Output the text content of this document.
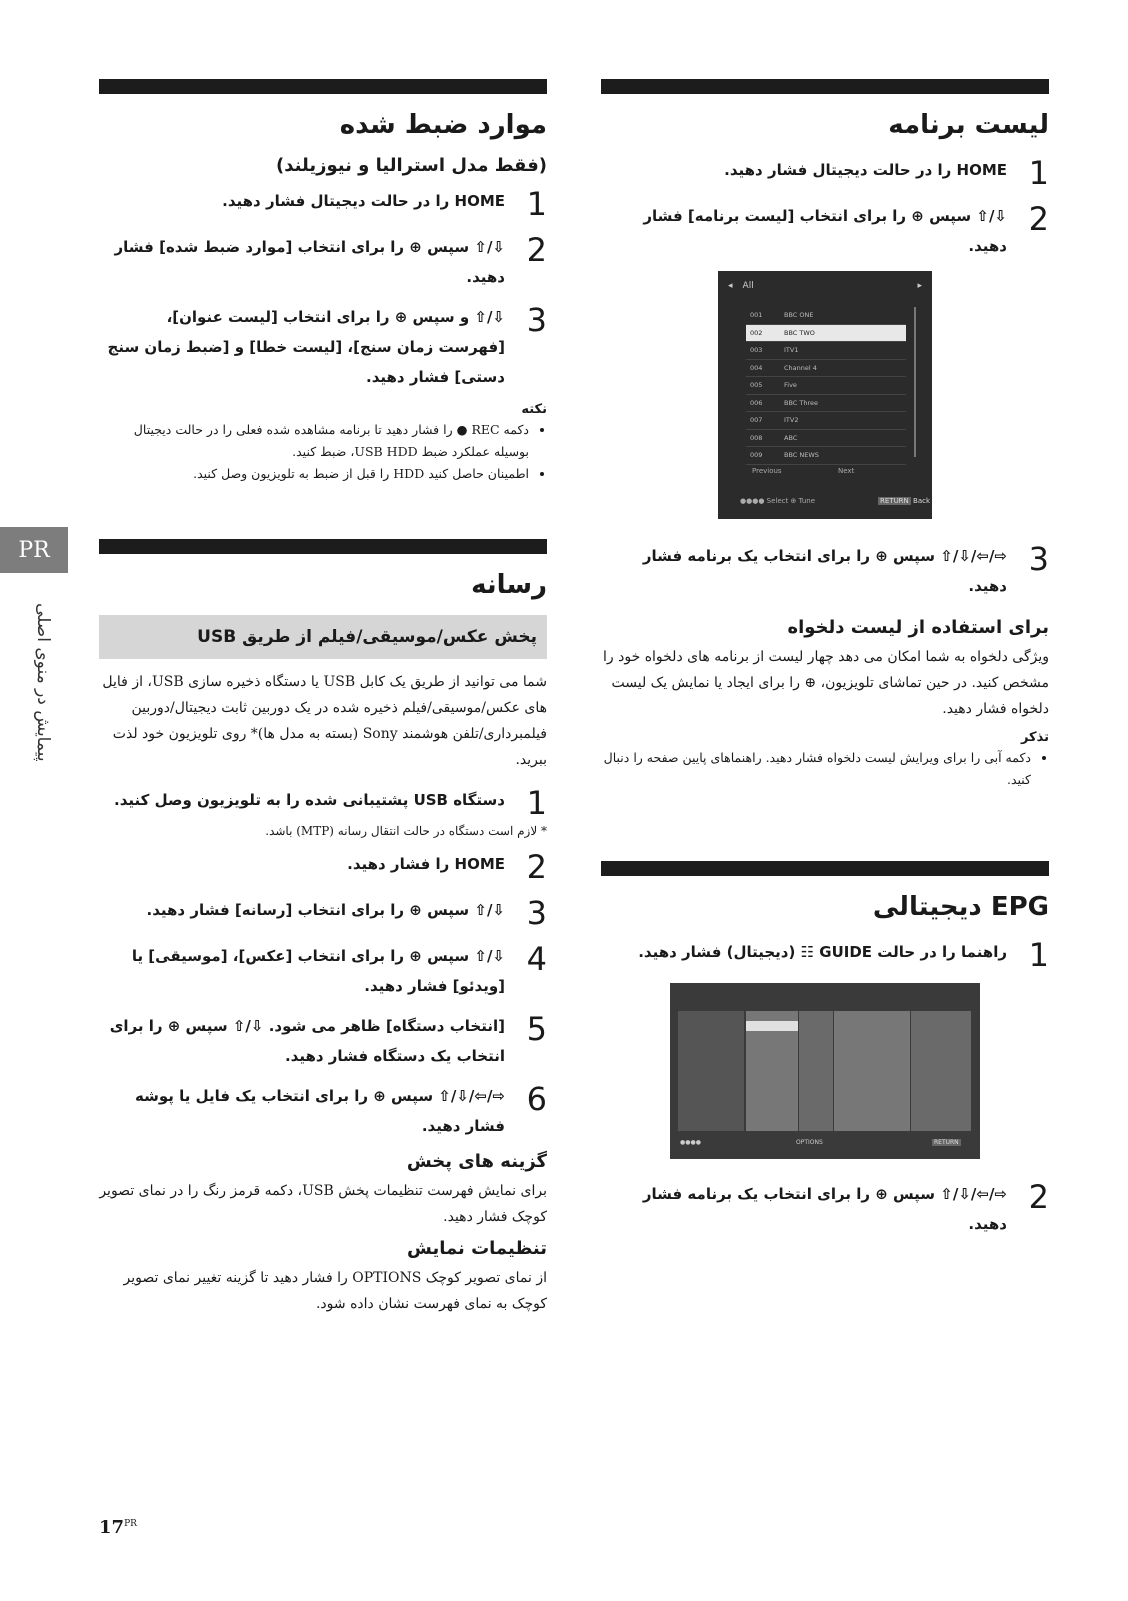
PR
پیمایش در منوی اصلی
لیست برنامه
1
HOME را در حالت دیجیتال فشار دهید.
2
⇩/⇧ سپس ⊕ را برای انتخاب [لیست برنامه] فشار دهید.
◂	All	▸
001	BBC ONE
002	BBC TWO
003	ITV1
004	Channel 4
005	Five
006	BBC Three
007	ITV2
008	ABC
009	BBC NEWS
Previous	Next
●●●● Select ⊕ Tune	RETURN Back
3
⇨/⇦/⇩/⇧ سپس ⊕ را برای انتخاب یک برنامه فشار دهید.
برای استفاده از لیست دلخواه

ویژگی دلخواه به شما امکان می دهد چهار لیست از برنامه های دلخواه خود را مشخص کنید. در حین تماشای تلویزیون، ⊕ را برای ایجاد یا نمایش یک لیست دلخواه فشار دهید.

تذکر
• دکمه آبی را برای ویرایش لیست دلخواه فشار دهید. راهنماهای پایین صفحه را دنبال کنید.
EPG دیجیتالی
1
راهنما را در حالت GUIDE ☷ (دیجیتال) فشار دهید.
●●●●	OPTIONS	RETURN
2
⇨/⇦/⇩/⇧ سپس ⊕ را برای انتخاب یک برنامه فشار دهید.
موارد ضبط شده
(فقط مدل استرالیا و نیوزیلند)
1
HOME را در حالت دیجیتال فشار دهید.
2
⇩/⇧ سپس ⊕ را برای انتخاب [موارد ضبط شده] فشار دهید.
3
⇩/⇧ و سپس ⊕ را برای انتخاب [لیست عنوان]، [فهرست زمان سنج]، [لیست خطا] و [ضبط زمان سنج دستی] فشار دهید.
نکته
• دکمه REC ● را فشار دهید تا برنامه مشاهده شده فعلی را در حالت دیجیتال بوسیله عملکرد ضبط USB HDD، ضبط کنید.
• اطمینان حاصل کنید HDD را قبل از ضبط به تلویزیون وصل کنید.
رسانه
پخش عکس/موسیقی/فیلم از طریق USB

شما می توانید از طریق یک کابل USB یا دستگاه ذخیره سازی USB، از فایل های عکس/موسیقی/فیلم ذخیره شده در یک دوربین ثابت دیجیتال/دوربین فیلمبرداری/تلفن هوشمند Sony (بسته به مدل ها)* روی تلویزیون خود لذت ببرید.

1
دستگاه USB پشتیبانی شده را به تلویزیون وصل کنید.
* لازم است دستگاه در حالت انتقال رسانه (MTP) باشد.
2
HOME را فشار دهید.
3
⇩/⇧ سپس ⊕ را برای انتخاب [رسانه] فشار دهید.
4
⇩/⇧ سپس ⊕ را برای انتخاب [عکس]، [موسیقی] یا [ویدئو] فشار دهید.
5
[انتخاب دستگاه] ظاهر می شود. ⇩/⇧ سپس ⊕ را برای انتخاب یک دستگاه فشار دهید.
6
⇨/⇦/⇩/⇧ سپس ⊕ را برای انتخاب یک فایل یا پوشه فشار دهید.
گزینه های پخش

برای نمایش فهرست تنظیمات پخش USB، دکمه قرمز رنگ را در نمای تصویر کوچک فشار دهید.

تنظیمات نمایش

از نمای تصویر کوچک OPTIONS را فشار دهید تا گزینه تغییر نمای تصویر کوچک به نمای فهرست نشان داده شود.

$17^{PR}$
